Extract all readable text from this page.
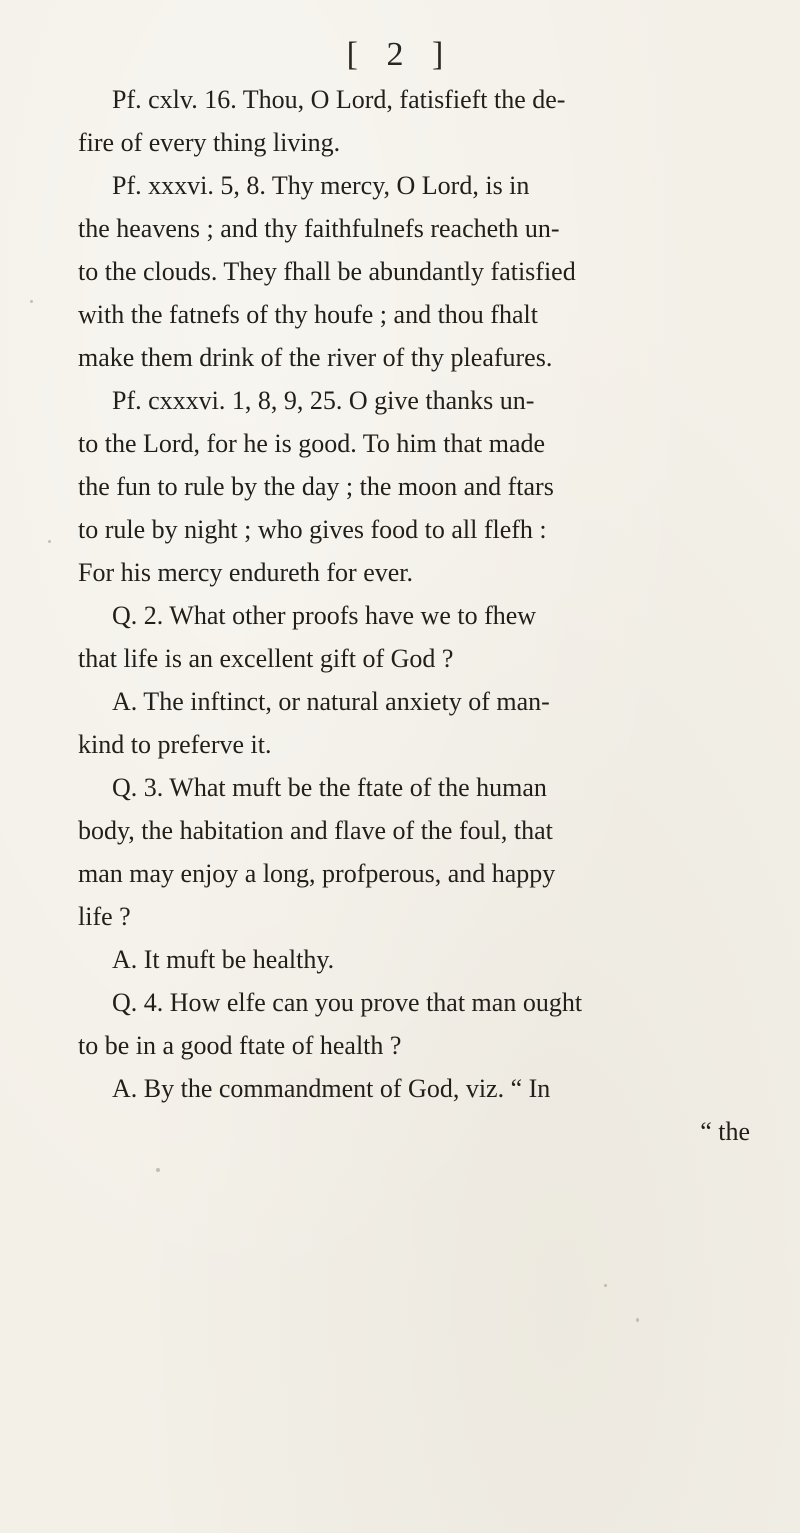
[ 2 ]
Pf. cxlv. 16. Thou, O Lord, fatisfieft the de-
fire of every thing living.
Pf. xxxvi. 5, 8. Thy mercy, O Lord, is in
the heavens ; and thy faithfulnefs reacheth un-
to the clouds. They fhall be abundantly fatisfied
with the fatnefs of thy houfe ; and thou fhalt
make them drink of the river of thy pleafures.
Pf. cxxxvi. 1, 8, 9, 25. O give thanks un-
to the Lord, for he is good. To him that made
the fun to rule by the day ; the moon and ftars
to rule by night ; who gives food to all flefh :
For his mercy endureth for ever.
Q. 2. What other proofs have we to fhew
that life is an excellent gift of God ?
A. The inftinct, or natural anxiety of man-
kind to preferve it.
Q. 3. What muft be the ftate of the human
body, the habitation and flave of the foul, that
man may enjoy a long, profperous, and happy
life ?
A. It muft be healthy.
Q. 4. How elfe can you prove that man ought
to be in a good ftate of health ?
A. By the commandment of God, viz. “ In
“ the
